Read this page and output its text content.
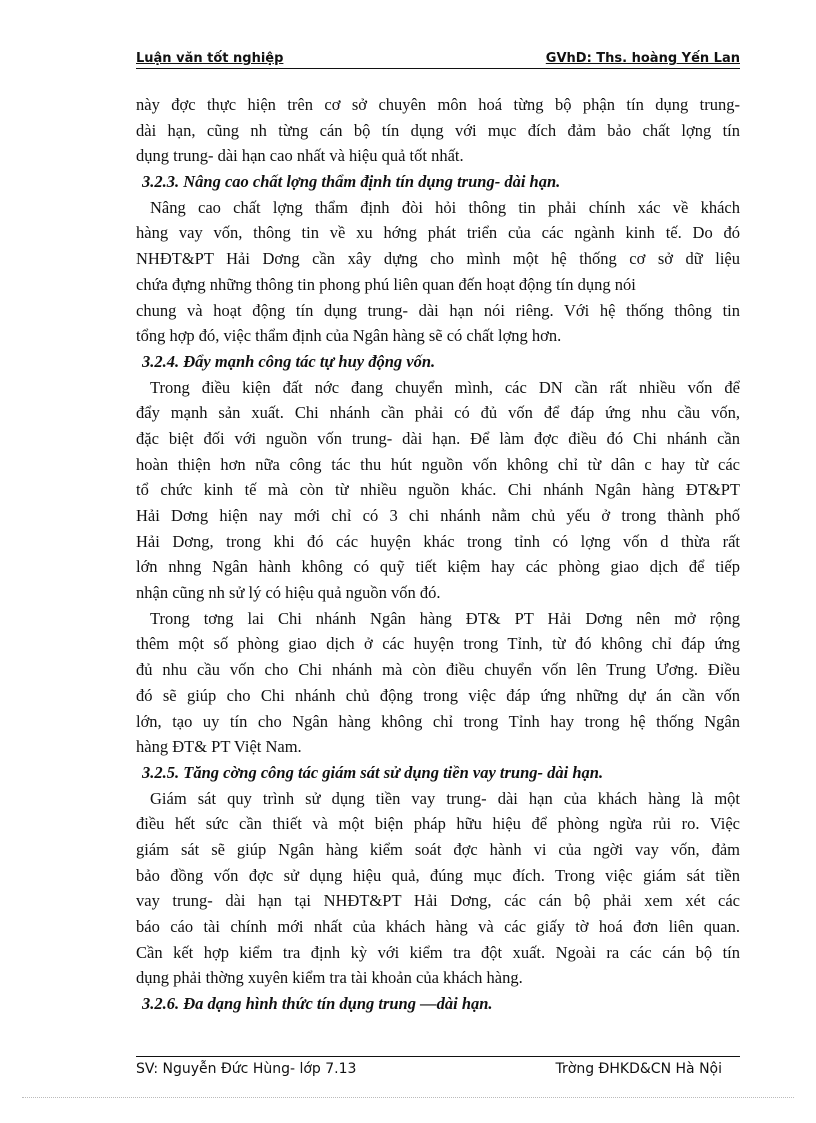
Luận văn tốt nghiệp	GVhD: Ths. hoàng Yến Lan
này đợc thực hiện trên cơ sở chuyên môn hoá từng bộ phận tín dụng trung-
dài hạn, cũng nh từng cán bộ tín dụng với mục đích đảm bảo chất lợng tín
dụng trung- dài hạn cao nhất và hiệu quả tốt nhất.
3.2.3. Nâng cao chất lợng thẩm định tín dụng trung- dài hạn.
Nâng cao chất lợng thẩm định đòi hỏi thông tin phải chính xác về khách
hàng vay vốn, thông tin về xu hớng phát triển của các ngành kinh tế. Do đó
NHĐT&PT Hải Dơng cần xây dựng cho mình một hệ thống cơ sở dữ liệu
chứa đựng những thông tin phong phú liên quan đến hoạt động tín dụng nói
chung và hoạt động tín dụng trung- dài hạn nói riêng. Với hệ thống thông tin
tổng hợp đó, việc thẩm định của Ngân hàng sẽ có chất lợng hơn.
3.2.4. Đẩy mạnh công tác tự huy động vốn.
Trong điều kiện đất nớc đang chuyển mình, các DN cần rất nhiều vốn để
đẩy mạnh sản xuất. Chi nhánh cần phải có đủ vốn để đáp ứng nhu cầu vốn,
đặc biệt đối với nguồn vốn trung- dài hạn. Để làm đợc điều đó Chi nhánh cần
hoàn thiện hơn nữa công tác thu hút nguồn vốn không chỉ từ dân c hay từ các
tổ chức kinh tế mà còn từ nhiều nguồn khác. Chi nhánh Ngân hàng ĐT&PT
Hải Dơng hiện nay mới chỉ có 3 chi nhánh nằm chủ yếu ở trong thành phố
Hải Dơng, trong khi đó các huyện khác trong tỉnh có lợng vốn d thừa rất
lớn nhng Ngân hành không có quỹ tiết kiệm hay các phòng giao dịch để tiếp
nhận cũng nh sử lý có hiệu quả nguồn vốn đó.
Trong tơng lai Chi nhánh Ngân hàng ĐT& PT Hải Dơng nên mở rộng
thêm một số phòng giao dịch ở các huyện trong Tỉnh, từ đó không chỉ đáp ứng
đủ nhu cầu vốn cho Chi nhánh mà còn điều chuyển vốn lên Trung Ương. Điều
đó sẽ giúp cho Chi nhánh chủ động trong việc đáp ứng những dự án cần vốn
lớn, tạo uy tín cho Ngân hàng không chỉ trong Tỉnh hay trong hệ thống Ngân
hàng ĐT& PT Việt Nam.
3.2.5. Tăng cờng công tác giám sát sử dụng tiền vay trung- dài hạn.
Giám sát quy trình sử dụng tiền vay trung- dài hạn của khách hàng là một
điều hết sức cần thiết và một biện pháp hữu hiệu để phòng ngừa rủi ro. Việc
giám sát sẽ giúp Ngân hàng kiểm soát đợc hành vi của ngời vay vốn, đảm
bảo đồng vốn đợc sử dụng hiệu quả, đúng mục đích. Trong việc giám sát tiền
vay trung- dài hạn tại NHĐT&PT Hải Dơng, các cán bộ phải xem xét các
báo cáo tài chính mới nhất của khách hàng và các giấy tờ hoá đơn liên quan.
Cần kết hợp kiểm tra định kỳ với kiểm tra đột xuất. Ngoài ra các cán bộ tín
dụng phải thờng xuyên kiểm tra tài khoản của khách hàng.
3.2.6. Đa dạng hình thức tín dụng trung —dài hạn.
SV: Nguyễn Đức Hùng- lớp 7.13	Trờng ĐHKD&CN Hà Nội
